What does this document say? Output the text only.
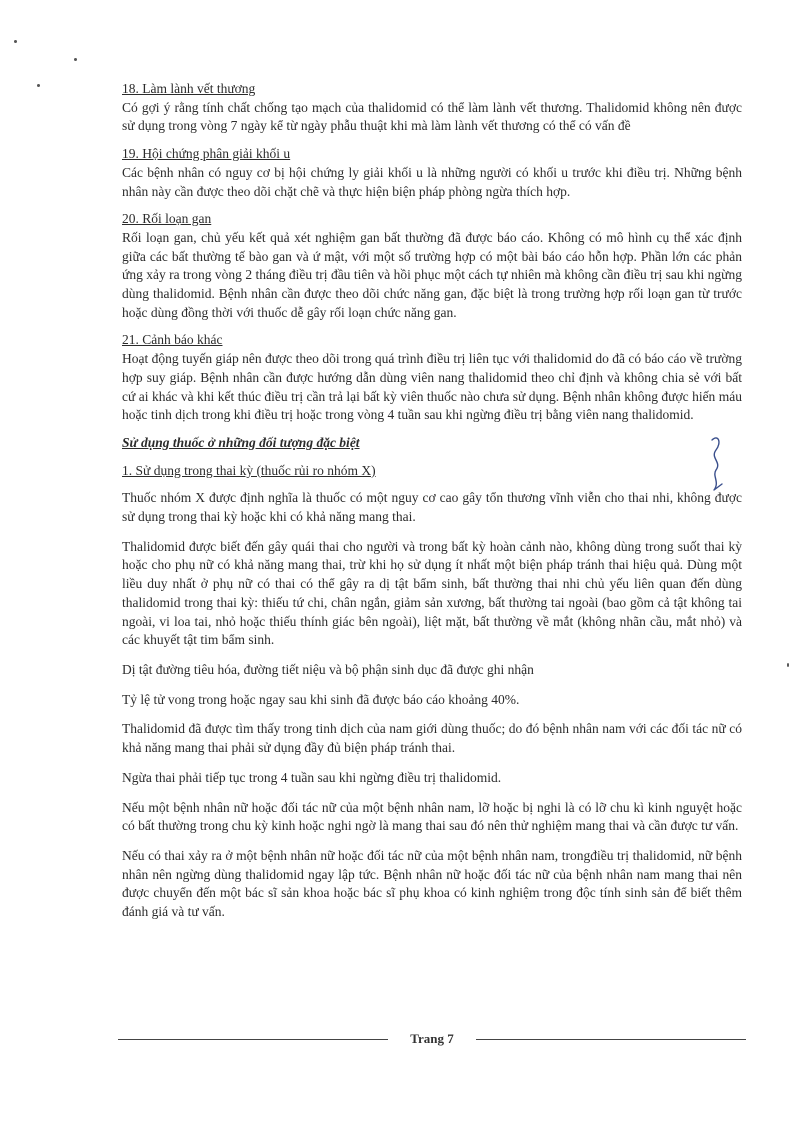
18. Làm lành vết thương

Có gợi ý rằng tính chất chống tạo mạch của thalidomid có thể làm lành vết thương. Thalidomid không nên được sử dụng trong vòng 7 ngày kể từ ngày phẫu thuật khi mà làm lành vết thương có thể có vấn đề

19. Hội chứng phân giải khối u

Các bệnh nhân có nguy cơ bị hội chứng ly giải khối u là những người có khối u trước khi điều trị. Những bệnh nhân này cần được theo dõi chặt chẽ và thực hiện biện pháp phòng ngừa thích hợp.

20. Rối loạn gan

Rối loạn gan, chủ yếu kết quả xét nghiệm gan bất thường đã được báo cáo. Không có mô hình cụ thể xác định giữa các bất thường tế bào gan và ứ mật, với một số trường hợp có một bài báo cáo hỗn hợp. Phần lớn các phản ứng xảy ra trong vòng 2 tháng điều trị đầu tiên và hồi phục một cách tự nhiên mà không cần điều trị sau khi ngừng dùng thalidomid. Bệnh nhân cần được theo dõi chức năng gan, đặc biệt là trong trường hợp rối loạn gan từ trước hoặc dùng đồng thời với thuốc dễ gây rối loạn chức năng gan.

21. Cảnh báo khác

Hoạt động tuyến giáp nên được theo dõi trong quá trình điều trị liên tục với thalidomid do đã có báo cáo về trường hợp suy giáp. Bệnh nhân cần được hướng dẫn dùng viên nang thalidomid theo chỉ định và không chia sẻ với bất cứ ai khác và khi kết thúc điều trị cần trả lại bất kỳ viên thuốc nào chưa sử dụng. Bệnh nhân không được hiến máu hoặc tinh dịch trong khi điều trị hoặc trong vòng 4 tuần sau khi ngừng điều trị bằng viên nang thalidomid.

Sử dụng thuốc ở những đối tượng đặc biệt

1. Sử dụng trong thai kỳ (thuốc rủi ro nhóm X)

Thuốc nhóm X được định nghĩa là thuốc có một nguy cơ cao gây tổn thương vĩnh viễn cho thai nhi, không được sử dụng trong thai kỳ hoặc khi có khả năng mang thai.

Thalidomid được biết đến gây quái thai cho người và trong bất kỳ hoàn cảnh nào, không dùng trong suốt thai kỳ hoặc cho phụ nữ có khả năng mang thai, trừ khi họ sử dụng ít nhất một biện pháp tránh thai hiệu quả. Dùng một liều duy nhất ở phụ nữ có thai có thể gây ra dị tật bẩm sinh, bất thường thai nhi chủ yếu liên quan đến dùng thalidomid trong thai kỳ: thiếu tứ chi, chân ngắn, giảm sản xương, bất thường tai ngoài (bao gồm cả tật không tai ngoài, vi loa tai, nhỏ hoặc thiếu thính giác bên ngoài), liệt mặt, bất thường về mắt (không nhãn cầu, mắt nhỏ) và các khuyết tật tim bẩm sinh.

Dị tật đường tiêu hóa, đường tiết niệu và bộ phận sinh dục đã được ghi nhận

Tỷ lệ tử vong trong hoặc ngay sau khi sinh đã được báo cáo khoảng 40%.

Thalidomid đã được tìm thấy trong tinh dịch của nam giới dùng thuốc; do đó bệnh nhân nam với các đối tác nữ có khả năng mang thai phải sử dụng đầy đủ biện pháp tránh thai.

Ngừa thai phải tiếp tục trong 4 tuần sau khi ngừng điều trị thalidomid.

Nếu một bệnh nhân nữ hoặc đối tác nữ của một bệnh nhân nam, lỡ hoặc bị nghi là có lỡ chu kì kinh nguyệt hoặc có bất thường trong chu kỳ kinh hoặc nghi ngờ là mang thai sau đó nên thử nghiệm mang thai và cần được tư vấn.

Nếu có thai xảy ra ở một bệnh nhân nữ hoặc đối tác nữ của một bệnh nhân nam, trongđiều trị thalidomid, nữ bệnh nhân nên ngừng dùng thalidomid ngay lập tức. Bệnh nhân nữ hoặc đối tác nữ của bệnh nhân nam mang thai nên được chuyển đến một bác sĩ sản khoa hoặc bác sĩ phụ khoa có kinh nghiệm trong độc tính sinh sản để biết thêm đánh giá và tư vấn.

Trang 7
